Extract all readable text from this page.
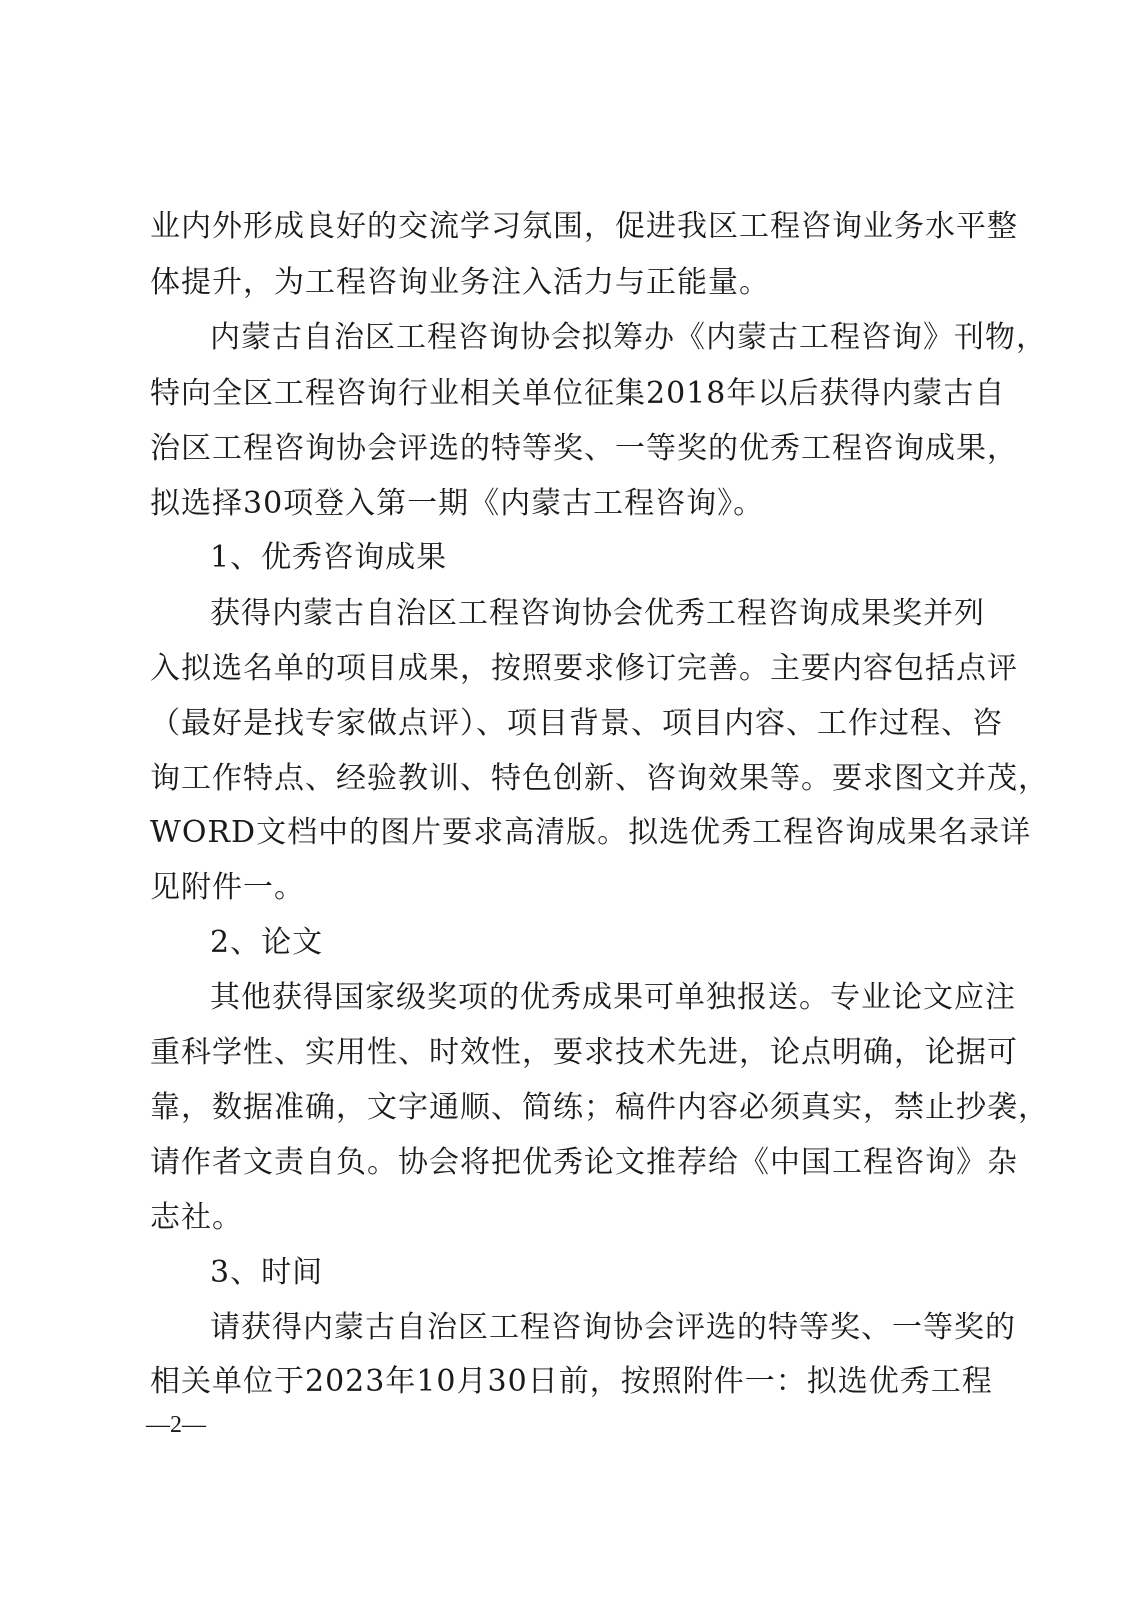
业内外形成良好的交流学习氛围，促进我区工程咨询业务水平整
体提升，为工程咨询业务注入活力与正能量。
内蒙古自治区工程咨询协会拟筹办《内蒙古工程咨询》刊物，
特向全区工程咨询行业相关单位征集2018年以后获得内蒙古自
治区工程咨询协会评选的特等奖、一等奖的优秀工程咨询成果，
拟选择30项登入第一期《内蒙古工程咨询》。
1、优秀咨询成果
获得内蒙古自治区工程咨询协会优秀工程咨询成果奖并列
入拟选名单的项目成果，按照要求修订完善。主要内容包括点评
（最好是找专家做点评）、项目背景、项目内容、工作过程、咨
询工作特点、经验教训、特色创新、咨询效果等。要求图文并茂，
WORD文档中的图片要求高清版。拟选优秀工程咨询成果名录详
见附件一。
2、论文
其他获得国家级奖项的优秀成果可单独报送。专业论文应注
重科学性、实用性、时效性，要求技术先进，论点明确，论据可
靠，数据准确，文字通顺、简练；稿件内容必须真实，禁止抄袭，
请作者文责自负。协会将把优秀论文推荐给《中国工程咨询》杂
志社。
3、时间
请获得内蒙古自治区工程咨询协会评选的特等奖、一等奖的
相关单位于2023年10月30日前，按照附件一：拟选优秀工程
—2—
